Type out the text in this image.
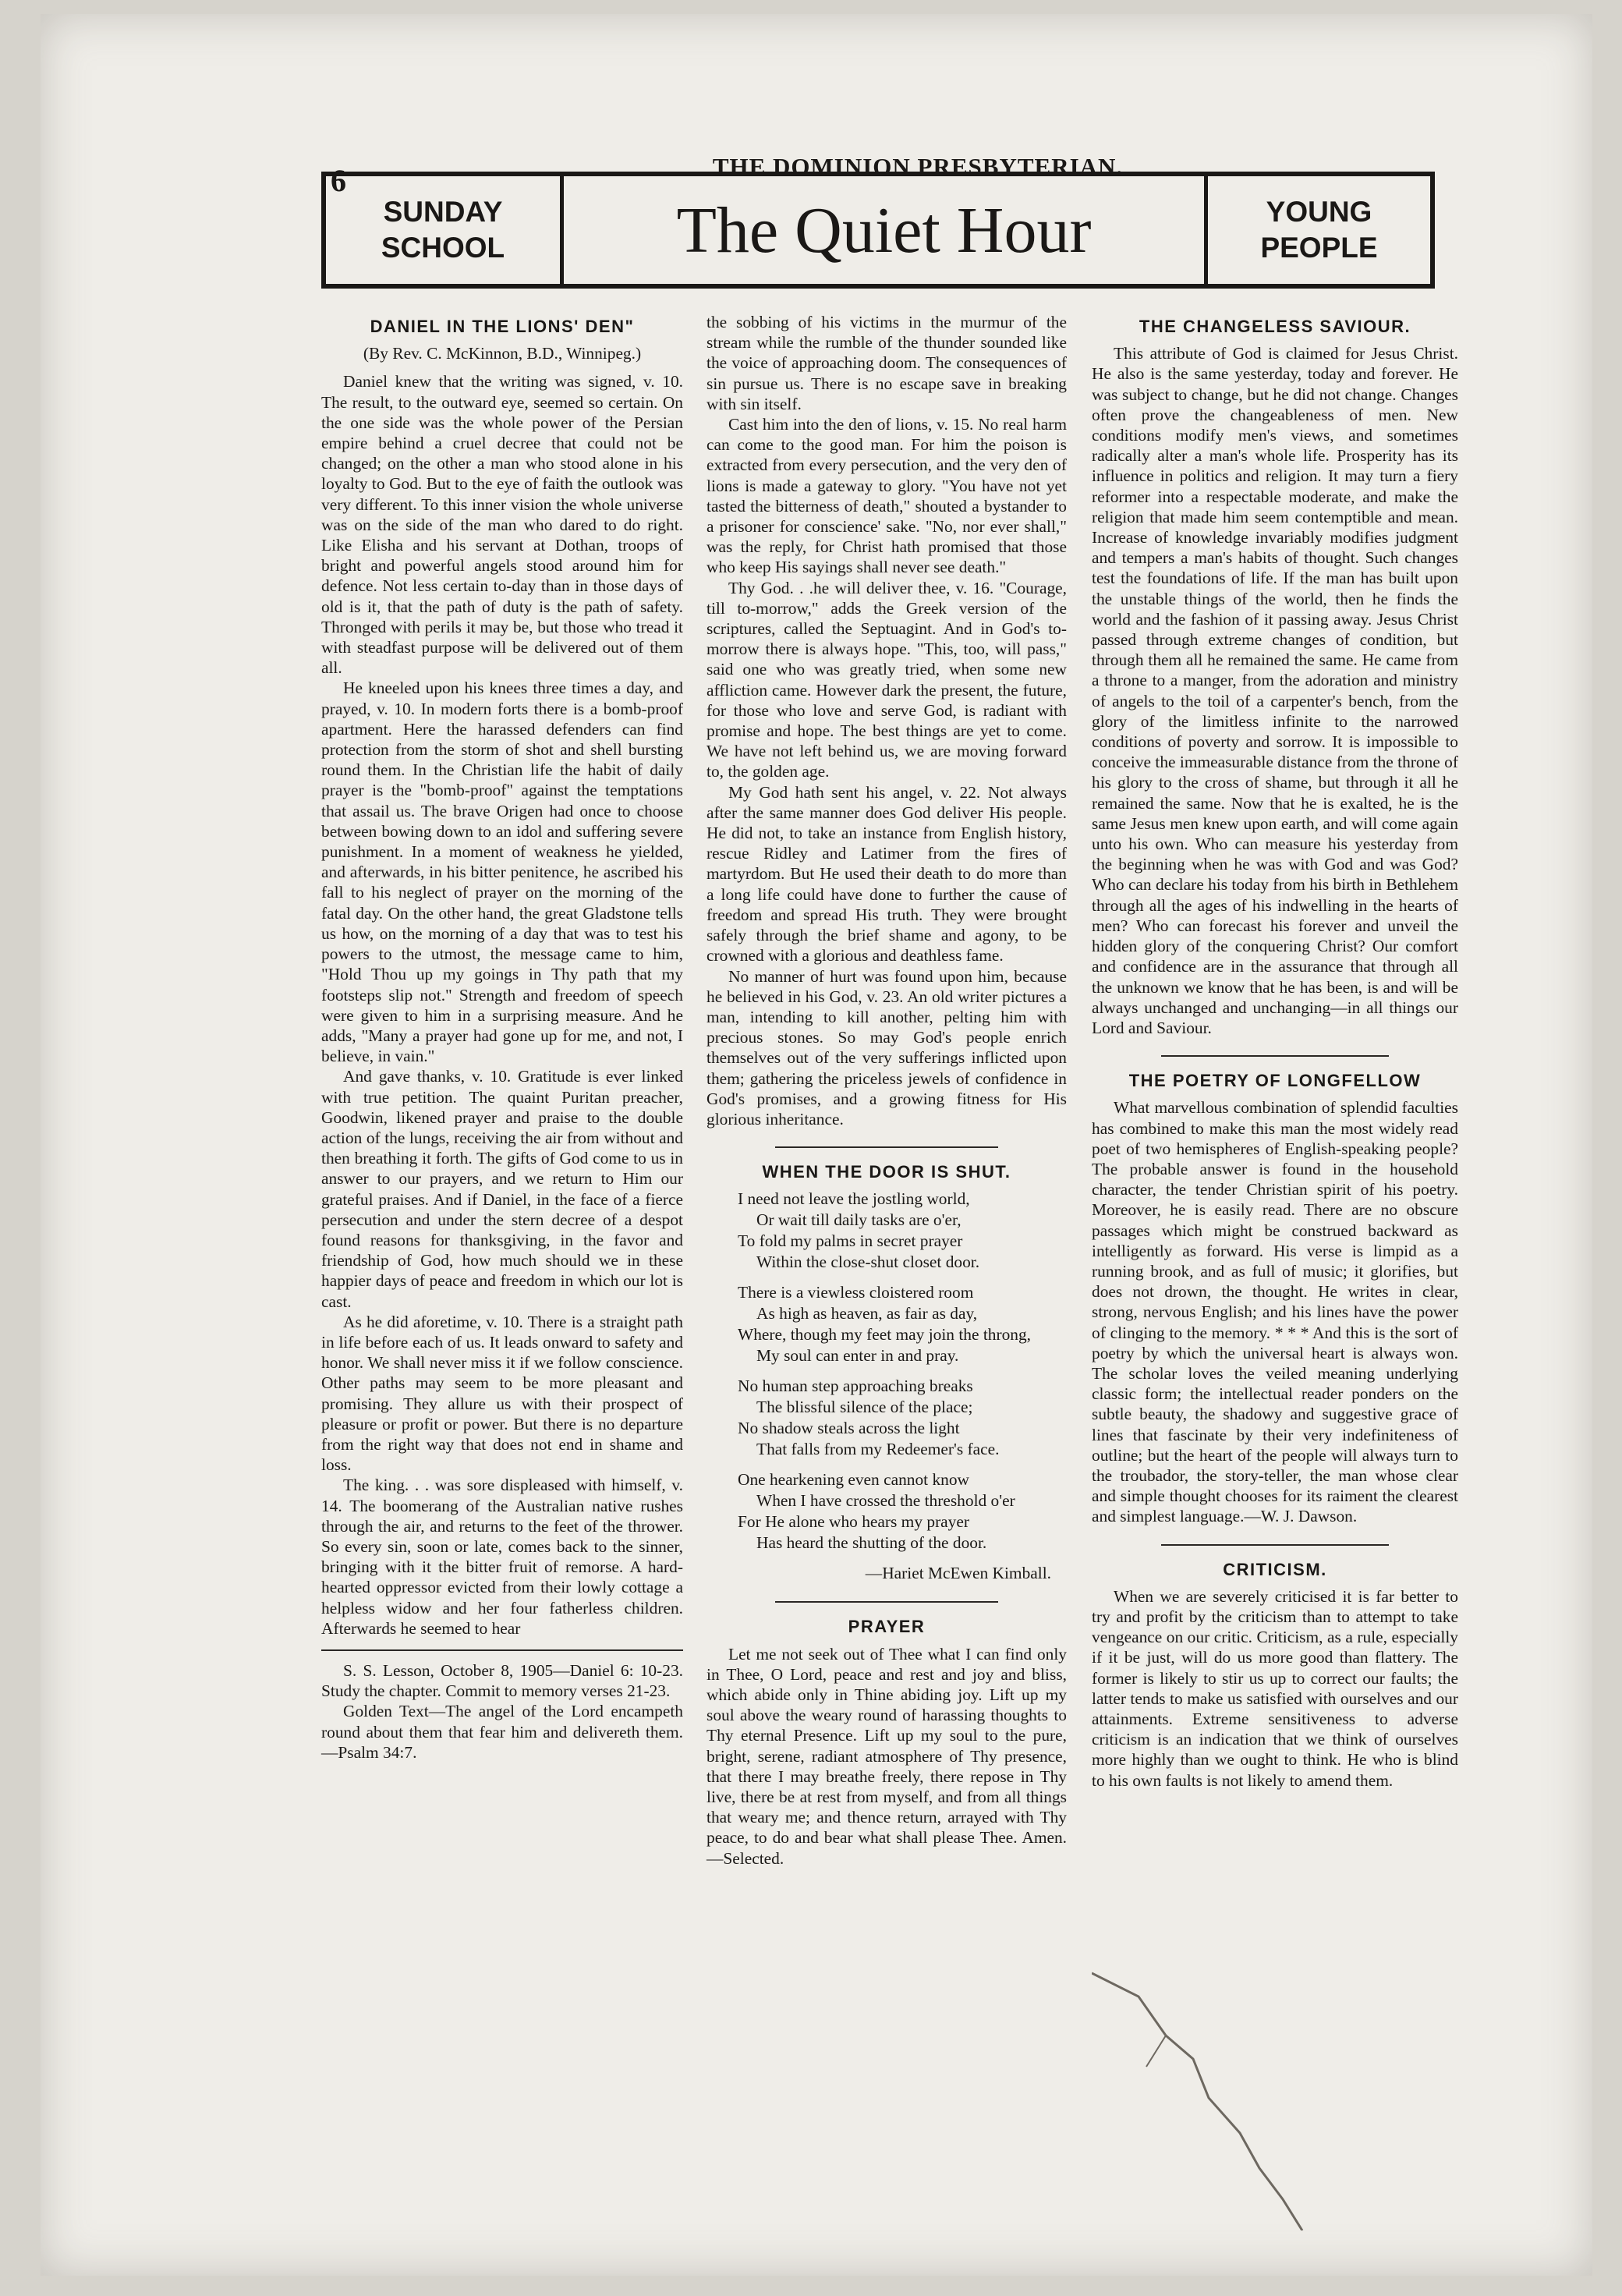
6	THE DOMINION PRESBYTERIAN.
SUNDAY
SCHOOL	The Quiet Hour	YOUNG
PEOPLE
DANIEL IN THE LIONS' DEN"
(By Rev. C. McKinnon, B.D., Winnipeg.)

Daniel knew that the writing was signed, v. 10. The result, to the outward eye, seemed so certain. On the one side was the whole power of the Persian empire behind a cruel decree that could not be changed; on the other a man who stood alone in his loyalty to God. But to the eye of faith the outlook was very different. To this inner vision the whole universe was on the side of the man who dared to do right. Like Elisha and his servant at Dothan, troops of bright and powerful angels stood around him for defence. Not less certain to-day than in those days of old is it, that the path of duty is the path of safety. Thronged with perils it may be, but those who tread it with steadfast purpose will be delivered out of them all.

He kneeled upon his knees three times a day, and prayed, v. 10. In modern forts there is a bomb-proof apartment. Here the harassed defenders can find protection from the storm of shot and shell bursting round them. In the Christian life the habit of daily prayer is the "bomb-proof" against the temptations that assail us. The brave Origen had once to choose between bowing down to an idol and suffering severe punishment. In a moment of weakness he yielded, and afterwards, in his bitter penitence, he ascribed his fall to his neglect of prayer on the morning of the fatal day. On the other hand, the great Gladstone tells us how, on the morning of a day that was to test his powers to the utmost, the message came to him, "Hold Thou up my goings in Thy path that my footsteps slip not." Strength and freedom of speech were given to him in a surprising measure. And he adds, "Many a prayer had gone up for me, and not, I believe, in vain."

And gave thanks, v. 10. Gratitude is ever linked with true petition. The quaint Puritan preacher, Goodwin, likened prayer and praise to the double action of the lungs, receiving the air from without and then breathing it forth. The gifts of God come to us in answer to our prayers, and we return to Him our grateful praises. And if Daniel, in the face of a fierce persecution and under the stern decree of a despot found reasons for thanksgiving, in the favor and friendship of God, how much should we in these happier days of peace and freedom in which our lot is cast.

As he did aforetime, v. 10. There is a straight path in life before each of us. It leads onward to safety and honor. We shall never miss it if we follow conscience. Other paths may seem to be more pleasant and promising. They allure us with their prospect of pleasure or profit or power. But there is no departure from the right way that does not end in shame and loss.

The king. . . was sore displeased with himself, v. 14. The boomerang of the Australian native rushes through the air, and returns to the feet of the thrower. So every sin, soon or late, comes back to the sinner, bringing with it the bitter fruit of remorse. A hard-hearted oppressor evicted from their lowly cottage a helpless widow and her four fatherless children. Afterwards he seemed to hear

S. S. Lesson, October 8, 1905—Daniel 6: 10-23. Study the chapter. Commit to memory verses 21-23.

Golden Text—The angel of the Lord encampeth round about them that fear him and delivereth them.—Psalm 34:7.

the sobbing of his victims in the murmur of the stream while the rumble of the thunder sounded like the voice of approaching doom. The consequences of sin pursue us. There is no escape save in breaking with sin itself.

Cast him into the den of lions, v. 15. No real harm can come to the good man. For him the poison is extracted from every persecution, and the very den of lions is made a gateway to glory. "You have not yet tasted the bitterness of death," shouted a bystander to a prisoner for conscience' sake. "No, nor ever shall," was the reply, for Christ hath promised that those who keep His sayings shall never see death."

Thy God. . .he will deliver thee, v. 16. "Courage, till to-morrow," adds the Greek version of the scriptures, called the Septuagint. And in God's to-morrow there is always hope. "This, too, will pass," said one who was greatly tried, when some new affliction came. However dark the present, the future, for those who love and serve God, is radiant with promise and hope. The best things are yet to come. We have not left behind us, we are moving forward to, the golden age.

My God hath sent his angel, v. 22. Not always after the same manner does God deliver His people. He did not, to take an instance from English history, rescue Ridley and Latimer from the fires of martyrdom. But He used their death to do more than a long life could have done to further the cause of freedom and spread His truth. They were brought safely through the brief shame and agony, to be crowned with a glorious and deathless fame.

No manner of hurt was found upon him, because he believed in his God, v. 23. An old writer pictures a man, intending to kill another, pelting him with precious stones. So may God's people enrich themselves out of the very sufferings inflicted upon them; gathering the priceless jewels of confidence in God's promises, and a growing fitness for His glorious inheritance.

WHEN THE DOOR IS SHUT.
I need not leave the jostling world,
Or wait till daily tasks are o'er,
To fold my palms in secret prayer
Within the close-shut closet door.
There is a viewless cloistered room
As high as heaven, as fair as day,
Where, though my feet may join the throng,
My soul can enter in and pray.
No human step approaching breaks
The blissful silence of the place;
No shadow steals across the light
That falls from my Redeemer's face.
One hearkening even cannot know
When I have crossed the threshold o'er
For He alone who hears my prayer
Has heard the shutting of the door.
—Hariet McEwen Kimball.
PRAYER

Let me not seek out of Thee what I can find only in Thee, O Lord, peace and rest and joy and bliss, which abide only in Thine abiding joy. Lift up my soul above the weary round of harassing thoughts to Thy eternal Presence. Lift up my soul to the pure, bright, serene, radiant atmosphere of Thy presence, that there I may breathe freely, there repose in Thy live, there be at rest from myself, and from all things that weary me; and thence return, arrayed with Thy peace, to do and bear what shall please Thee. Amen.—Selected.

THE CHANGELESS SAVIOUR.

This attribute of God is claimed for Jesus Christ. He also is the same yesterday, today and forever. He was subject to change, but he did not change. Changes often prove the changeableness of men. New conditions modify men's views, and sometimes radically alter a man's whole life. Prosperity has its influence in politics and religion. It may turn a fiery reformer into a respectable moderate, and make the religion that made him seem contemptible and mean. Increase of knowledge invariably modifies judgment and tempers a man's habits of thought. Such changes test the foundations of life. If the man has built upon the unstable things of the world, then he finds the world and the fashion of it passing away. Jesus Christ passed through extreme changes of condition, but through them all he remained the same. He came from a throne to a manger, from the adoration and ministry of angels to the toil of a carpenter's bench, from the glory of the limitless infinite to the narrowed conditions of poverty and sorrow. It is impossible to conceive the immeasurable distance from the throne of his glory to the cross of shame, but through it all he remained the same. Now that he is exalted, he is the same Jesus men knew upon earth, and will come again unto his own. Who can measure his yesterday from the beginning when he was with God and was God? Who can declare his today from his birth in Bethlehem through all the ages of his indwelling in the hearts of men? Who can forecast his forever and unveil the hidden glory of the conquering Christ? Our comfort and confidence are in the assurance that through all the unknown we know that he has been, is and will be always unchanged and unchanging—in all things our Lord and Saviour.

THE POETRY OF LONGFELLOW

What marvellous combination of splendid faculties has combined to make this man the most widely read poet of two hemispheres of English-speaking people? The probable answer is found in the household character, the tender Christian spirit of his poetry. Moreover, he is easily read. There are no obscure passages which might be construed backward as intelligently as forward. His verse is limpid as a running brook, and as full of music; it glorifies, but does not drown, the thought. He writes in clear, strong, nervous English; and his lines have the power of clinging to the memory. * * * And this is the sort of poetry by which the universal heart is always won. The scholar loves the veiled meaning underlying classic form; the intellectual reader ponders on the subtle beauty, the shadowy and suggestive grace of lines that fascinate by their very indefiniteness of outline; but the heart of the people will always turn to the troubador, the story-teller, the man whose clear and simple thought chooses for its raiment the clearest and simplest language.—W. J. Dawson.

CRITICISM.

When we are severely criticised it is far better to try and profit by the criticism than to attempt to take vengeance on our critic. Criticism, as a rule, especially if it be just, will do us more good than flattery. The former is likely to stir us up to correct our faults; the latter tends to make us satisfied with ourselves and our attainments. Extreme sensitiveness to adverse criticism is an indication that we think of ourselves more highly than we ought to think. He who is blind to his own faults is not likely to amend them.
